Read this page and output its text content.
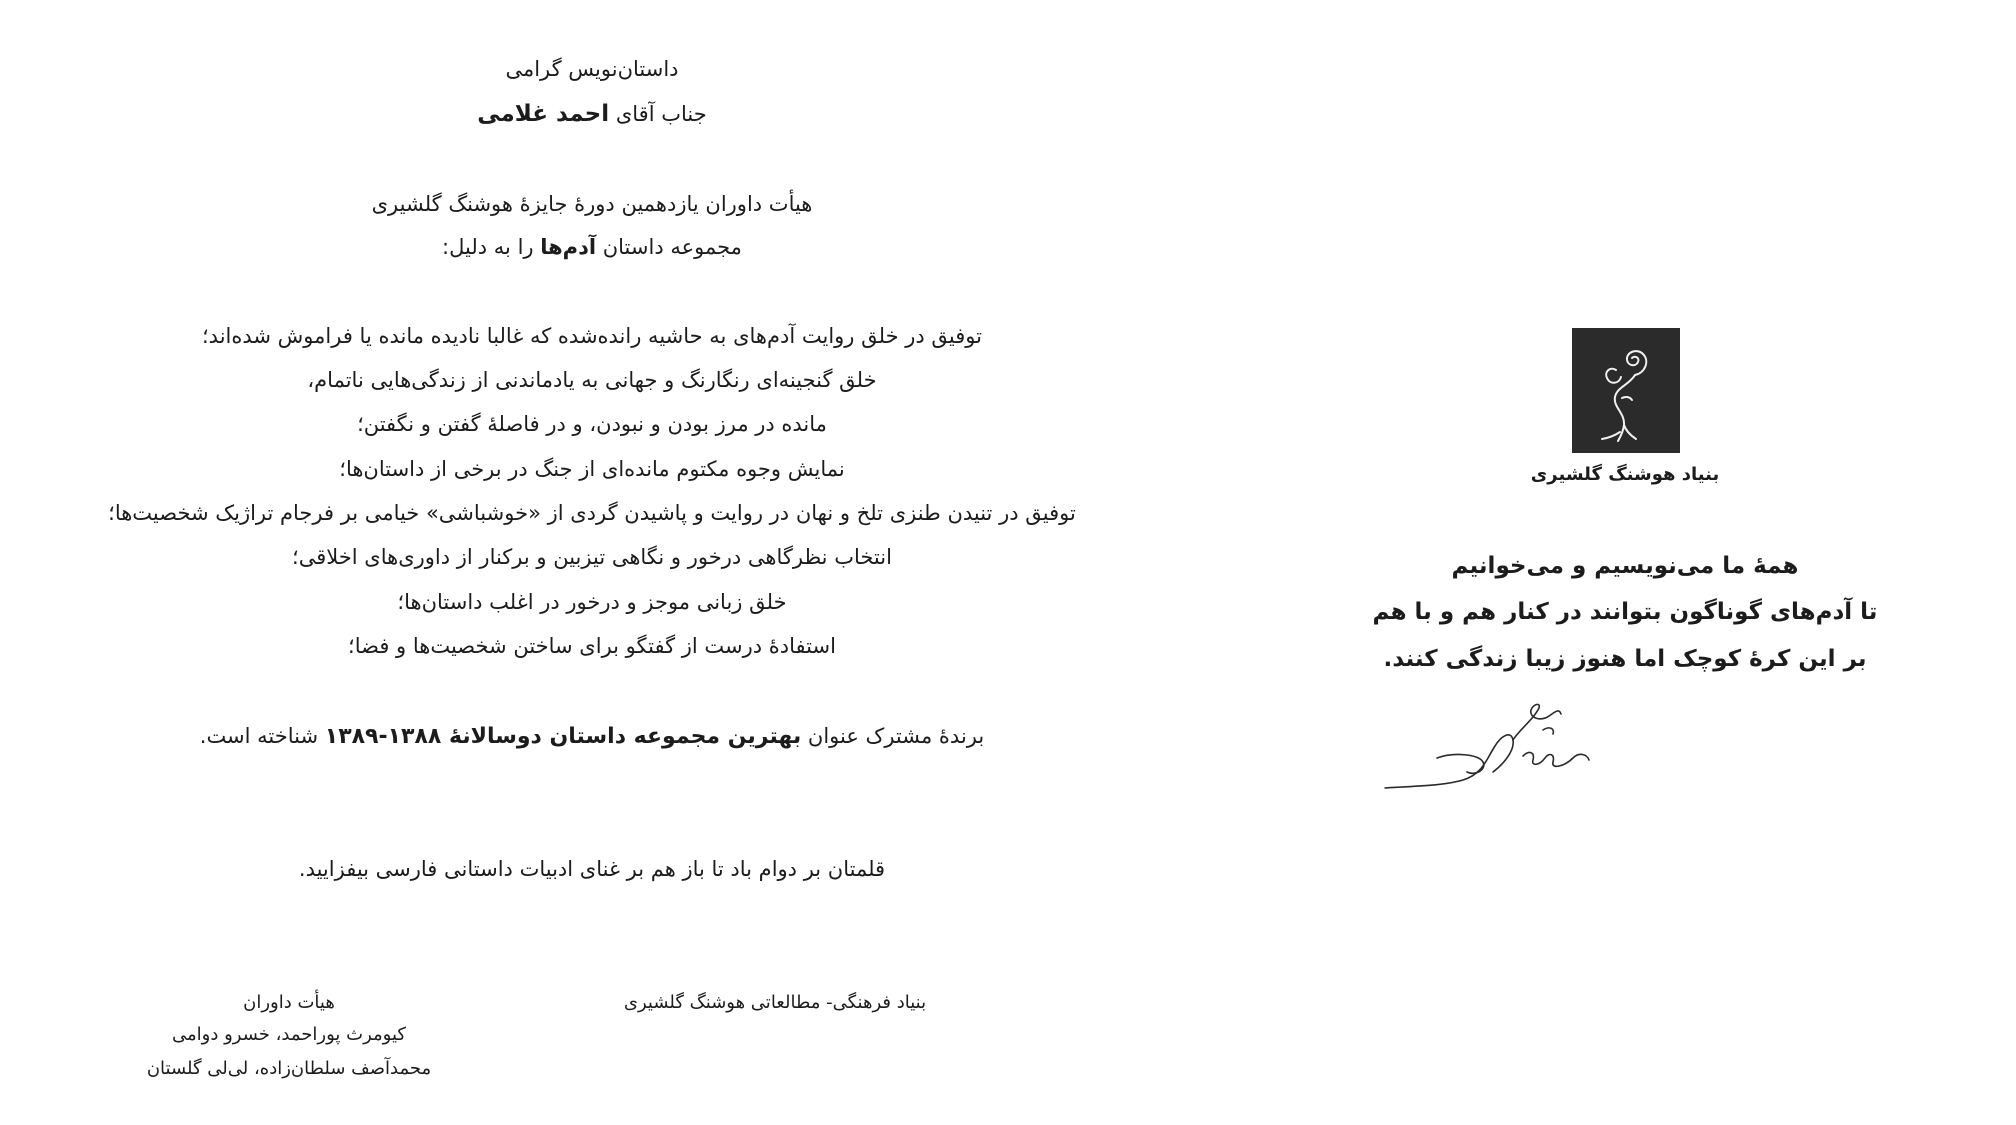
داستان‌نویس گرامی
جناب آقای احمد غلامی
هیأت داوران یازدهمین دورهٔ جایزهٔ هوشنگ گلشیری
مجموعه داستان آدم‌ها را به دلیل:
توفیق در خلق روایت آدم‌های به حاشیه رانده‌شده که غالبا نادیده مانده یا فراموش شده‌اند؛
خلق گنجینه‌ای رنگارنگ و جهانی به یادماندنی از زندگی‌هایی ناتمام،
مانده در مرز بودن و نبودن، و در فاصلهٔ گفتن و نگفتن؛
نمایش وجوه مکتوم مانده‌ای از جنگ در برخی از داستان‌ها؛
توفیق در تنیدن طنزی تلخ و نهان در روایت و پاشیدن گردی از «خوشباشی» خیامی بر فرجام تراژیک شخصیت‌ها؛
انتخاب نظرگاهی درخور و نگاهی تیزبین و برکنار از داوری‌های اخلاقی؛
خلق زبانی موجز و درخور در اغلب داستان‌ها؛
استفادهٔ درست از گفتگو برای ساختن شخصیت‌ها و فضا؛
برندهٔ مشترک عنوان بهترین مجموعه داستان دوسالانهٔ ۱۳۸۸-۱۳۸۹ شناخته است.
قلمتان بر دوام باد تا باز هم بر غنای ادبیات داستانی فارسی بیفزایید.
بنیاد فرهنگی- مطالعاتی هوشنگ گلشیری
هیأت داوران
کیومرث پوراحمد، خسرو دوامی
محمدآصف سلطان‌زاده، لی‌لی گلستان
بنیاد هوشنگ گلشیری
همهٔ ما می‌نویسیم و می‌خوانیم
تا آدم‌های گوناگون بتوانند در کنار هم و با هم
بر این کرهٔ کوچک اما هنوز زیبا زندگی کنند.
